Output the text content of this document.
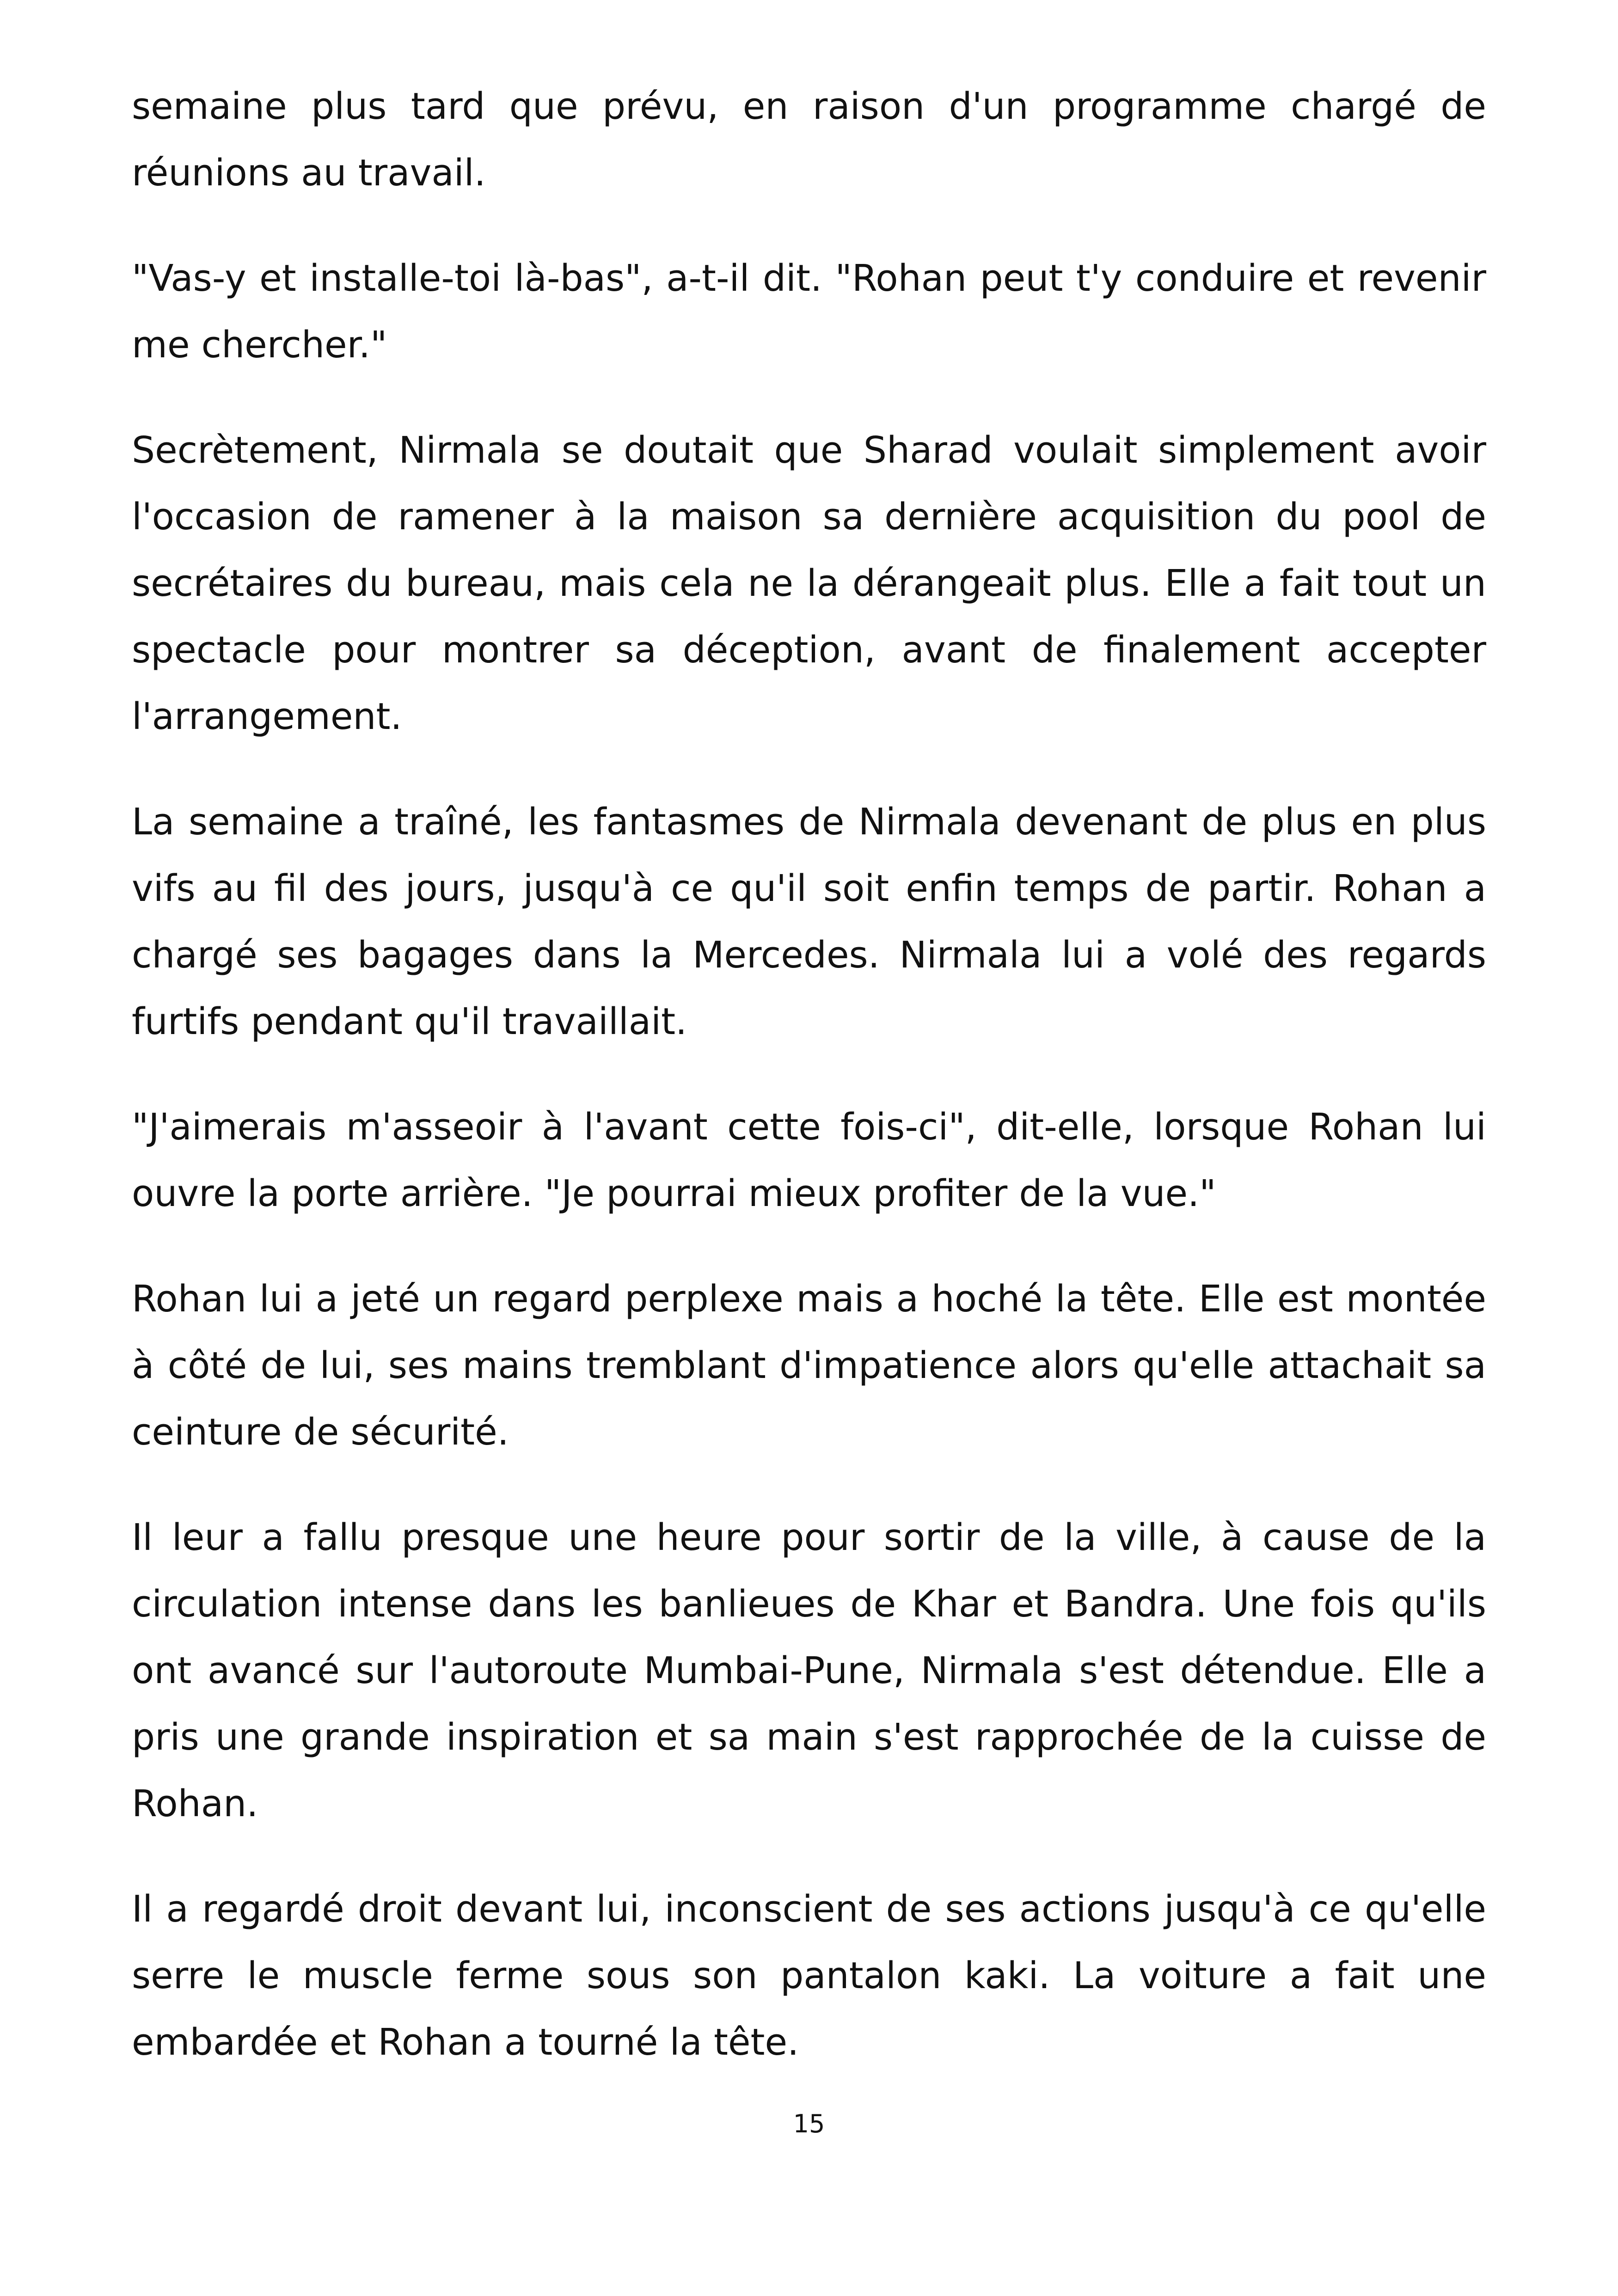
semaine plus tard que prévu, en raison d'un programme chargé de réunions au travail.

"Vas-y et installe-toi là-bas", a-t-il dit. "Rohan peut t'y conduire et revenir me chercher."

Secrètement, Nirmala se doutait que Sharad voulait simplement avoir l'occasion de ramener à la maison sa dernière acquisition du pool de secrétaires du bureau, mais cela ne la dérangeait plus. Elle a fait tout un spectacle pour montrer sa déception, avant de finalement accepter l'arrangement.

La semaine a traîné, les fantasmes de Nirmala devenant de plus en plus vifs au fil des jours, jusqu'à ce qu'il soit enfin temps de partir. Rohan a chargé ses bagages dans la Mercedes. Nirmala lui a volé des regards furtifs pendant qu'il travaillait.

"J'aimerais m'asseoir à l'avant cette fois-ci", dit-elle, lorsque Rohan lui ouvre la porte arrière. "Je pourrai mieux profiter de la vue."

Rohan lui a jeté un regard perplexe mais a hoché la tête. Elle est montée à côté de lui, ses mains tremblant d'impatience alors qu'elle attachait sa ceinture de sécurité.

Il leur a fallu presque une heure pour sortir de la ville, à cause de la circulation intense dans les banlieues de Khar et Bandra. Une fois qu'ils ont avancé sur l'autoroute Mumbai-Pune, Nirmala s'est détendue. Elle a pris une grande inspiration et sa main s'est rapprochée de la cuisse de Rohan.

Il a regardé droit devant lui, inconscient de ses actions jusqu'à ce qu'elle serre le muscle ferme sous son pantalon kaki. La voiture a fait une embardée et Rohan a tourné la tête.

15
